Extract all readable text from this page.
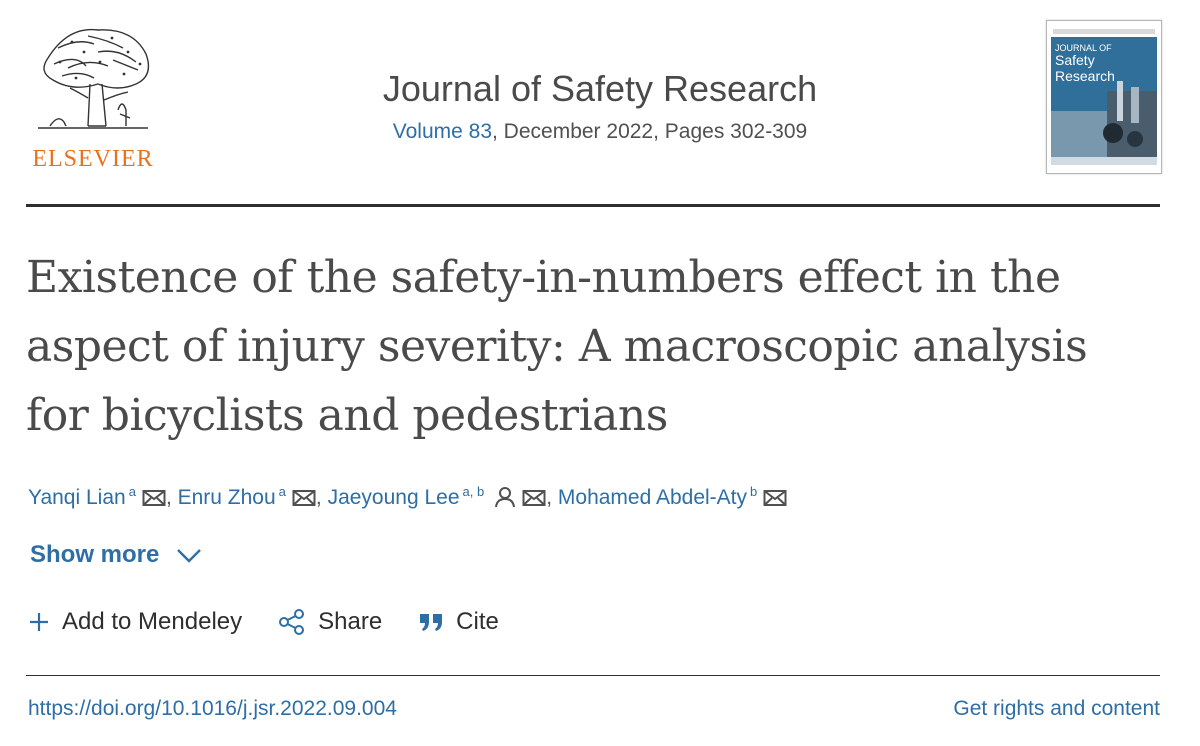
ELSEVIER
Journal of Safety Research
Volume 83, December 2022, Pages 302-309
JOURNAL OF
Safety
Research
Existence of the safety-in-numbers effect in the aspect of injury severity: A macroscopic analysis for bicyclists and pedestrians
Yanqi Lian $^a$ , Enru Zhou $^a$ , Jaeyoung Lee $^{a, b}$	, Mohamed Abdel-Aty $^b$
Show more
Add to Mendeley	Share	Cite
https://doi.org/10.1016/j.jsr.2022.09.004	Get rights and content
